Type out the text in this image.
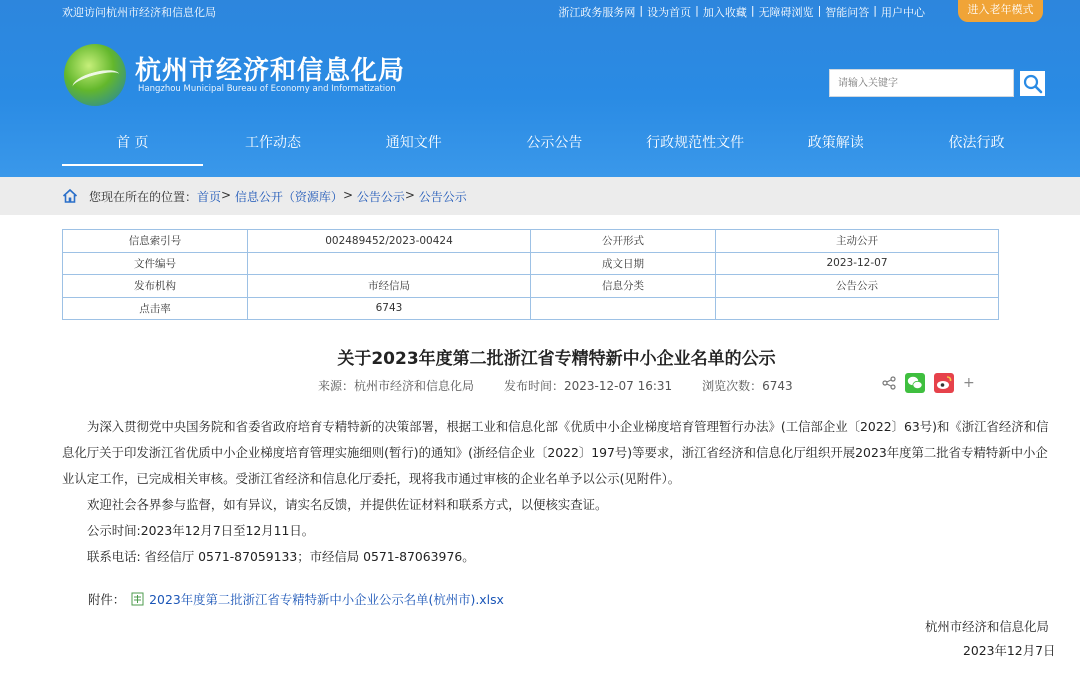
欢迎访问杭州市经济和信息化局	浙江政务服务网 | 设为首页 | 加入收藏 | 无障碍浏览 | 智能问答 | 用户中心	进入老年模式
杭州市经济和信息化局
Hangzhou Municipal Bureau of Economy and Informatization
请输入关键字
首 页	工作动态	通知文件	公示公告	行政规范性文件	政策解读	依法行政
您现在所在的位置： 首页 >
信息公开（资源库） >
公告公示 >
公告公示
信息索引号	002489452/2023-00424	公开形式	主动公开
文件编号		成文日期	2023-12-07
发布机构	市经信局	信息分类	公告公示
点击率	6743		
关于2023年度第二批浙江省专精特新中小企业名单的公示
来源：杭州市经济和信息化局	发布时间：2023-12-07 16:31	浏览次数：6743	+

为深入贯彻党中央国务院和省委省政府培育专精特新的决策部署，根据工业和信息化部《优质中小企业梯度培育管理暂行办法》(工信部企业〔2022〕63号)和《浙江省经济和信息化厅关于印发浙江省优质中小企业梯度培育管理实施细则(暂行)的通知》(浙经信企业〔2022〕197号)等要求，浙江省经济和信息化厅组织开展2023年度第二批省专精特新中小企业认定工作，已完成相关审核。受浙江省经济和信息化厅委托，现将我市通过审核的企业名单予以公示(见附件）。

欢迎社会各界参与监督，如有异议，请实名反馈，并提供佐证材料和联系方式，以便核实查证。

公示时间:2023年12月7日至12月11日。

联系电话: 省经信厅 0571-87059133；市经信局 0571-87063976。

附件： 2023年度第二批浙江省专精特新中小企业公示名单(杭州市).xlsx
杭州市经济和信息化局
2023年12月7日
